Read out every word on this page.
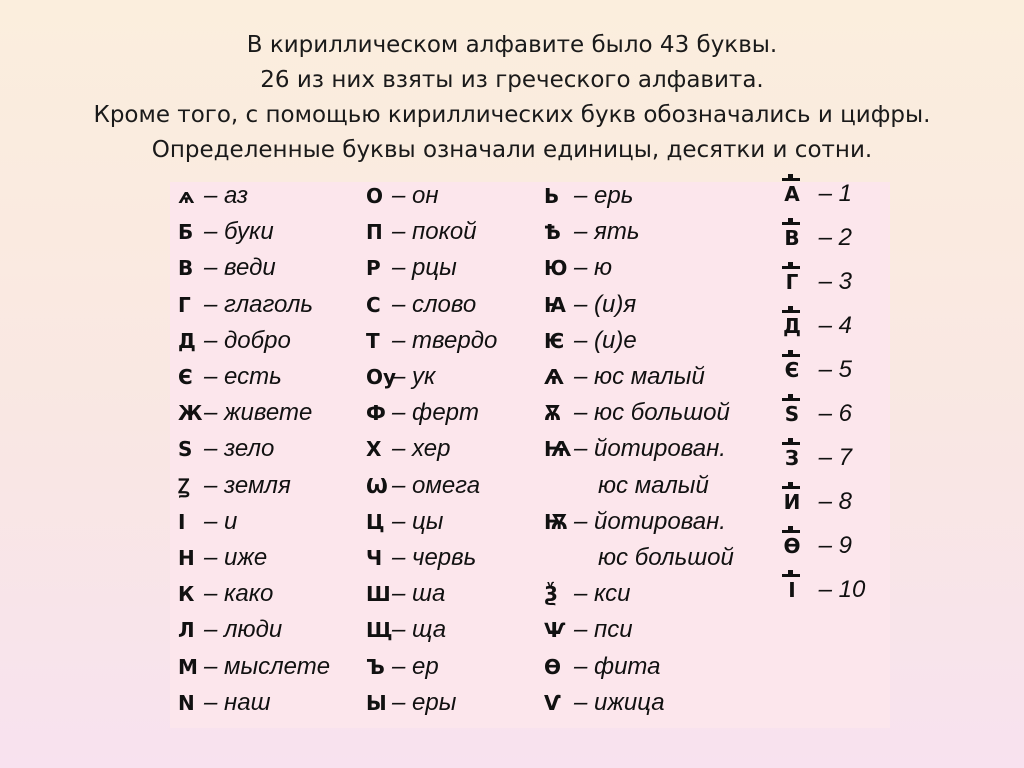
В кириллическом алфавите было 43 буквы.
26 из них взяты из греческого алфавита.
Кроме того, с помощью кириллических букв обозначались и цифры.
Определенные буквы означали единицы, десятки и сотни.
ѧ – аз
Б – буки
В – веди
Г – глаголь
Д – добро
Є – есть
Ж– живете
Ѕ – зело
Ꙁ – земля
І – и
Н – иже
К – како
Л – люди
М – мыслете
N – наш
О – он
П – покой
Р – рцы
С – слово
Т – твердо
Оу– ук
Ф – ферт
Х – хер
Ѡ – омега
Ц – цы
Ч – червь
Ш– ша
Щ– ща
Ъ – ер
Ы – еры
Ь – ерь
Ѣ – ять
Ю – ю
Ꙗ – (и)я
Ѥ – (и)е
Ѧ – юс малый
Ѫ – юс большой
Ѩ – йотирован.
юс малый
Ѭ – йотирован.
юс большой
Ѯ – кси
Ѱ – пси
Ѳ – фита
Ѵ – ижица
А – 1
В – 2
Г – 3
Д – 4
Є – 5
Ѕ – 6
З – 7
И – 8
Ѳ – 9
І – 10
